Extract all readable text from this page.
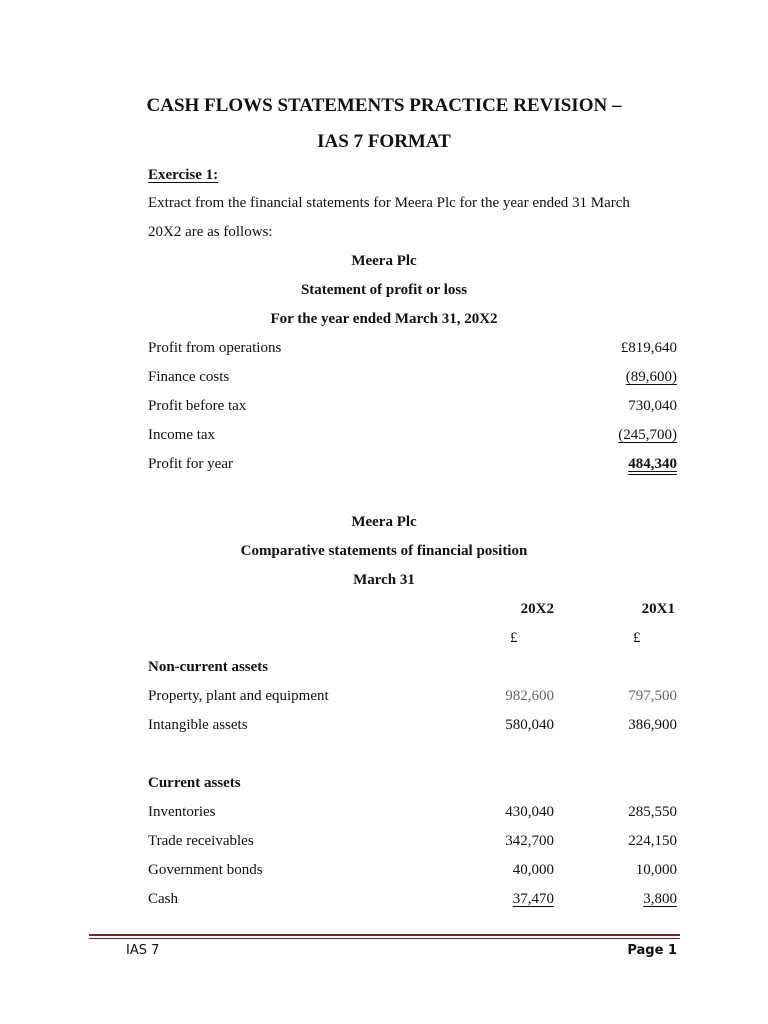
CASH FLOWS STATEMENTS PRACTICE REVISION –
IAS 7 FORMAT
Exercise 1:
Extract from the financial statements for Meera Plc for the year ended 31 March
20X2 are as follows:
Meera Plc
Statement of profit or loss
For the year ended March 31, 20X2
Profit from operations	£819,640
Finance costs	(89,600)
Profit before tax	730,040
Income tax	(245,700)
Profit for year	484,340
Meera Plc
Comparative statements of financial position
March 31
20X2	20X1
£	£
Non-current assets
Property, plant and equipment	982,600	797,500
Intangible assets	580,040	386,900
Current assets
Inventories	430,040	285,550
Trade receivables	342,700	224,150
Government bonds	40,000	10,000
Cash	37,470	3,800
IAS 7	Page 1
